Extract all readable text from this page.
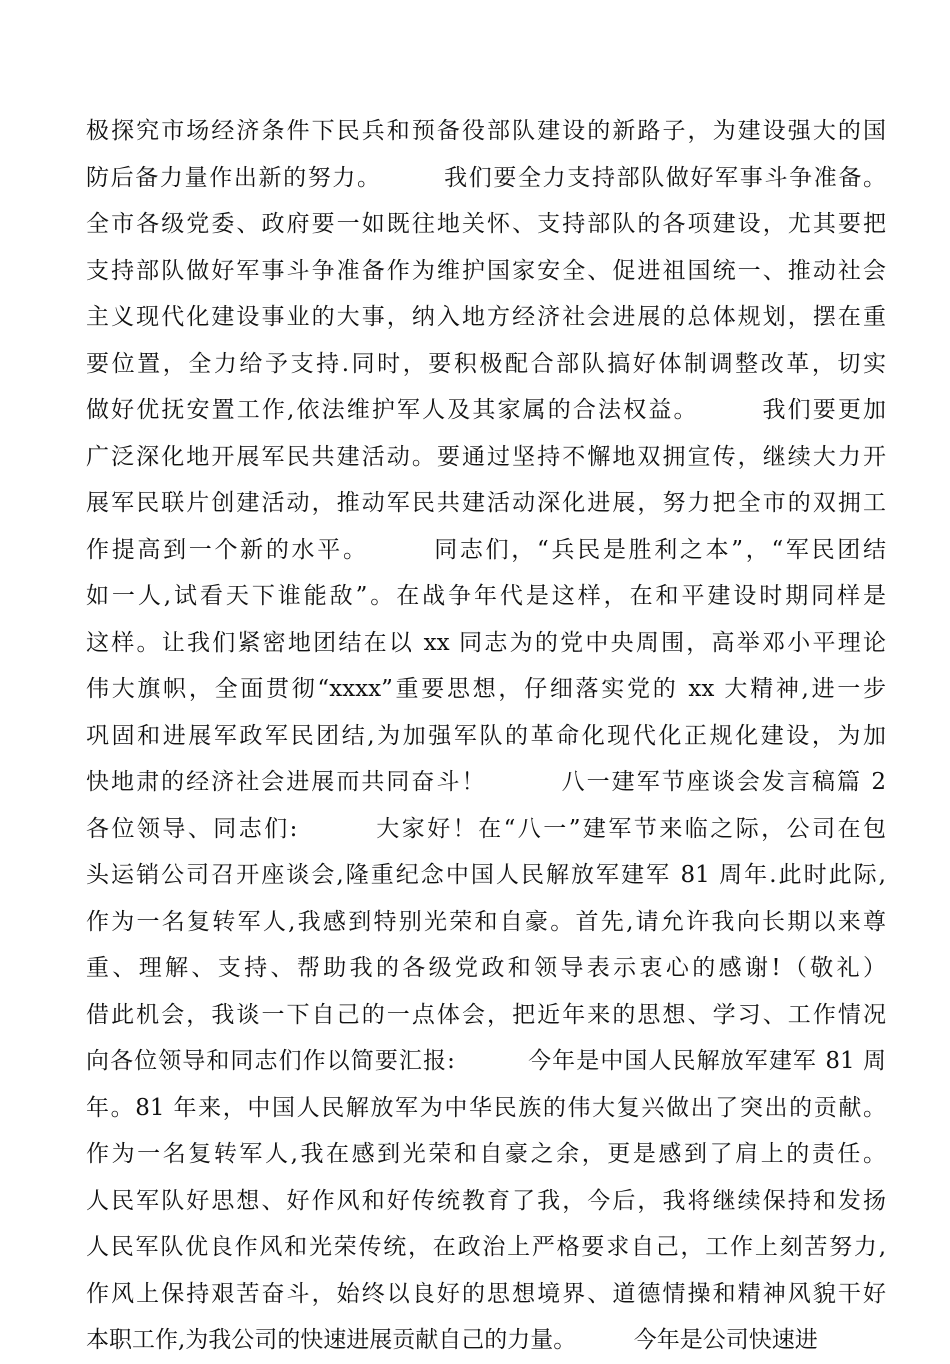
极探究市场经济条件下民兵和预备役部队建设的新路子，为建设强大的国
防后备力量作出新的努力。　　　我们要全力支持部队做好军事斗争准备。
全市各级党委、政府要一如既往地关怀、支持部队的各项建设，尤其要把
支持部队做好军事斗争准备作为维护国家安全、促进祖国统一、推动社会
主义现代化建设事业的大事，纳入地方经济社会进展的总体规划，摆在重
要位置，全力给予支持.同时，要积极配合部队搞好体制调整改革，切实
做好优抚安置工作,依法维护军人及其家属的合法权益。　　　我们要更加
广泛深化地开展军民共建活动。要通过坚持不懈地双拥宣传，继续大力开
展军民联片创建活动，推动军民共建活动深化进展，努力把全市的双拥工
作提高到一个新的水平。　　　同志们，“兵民是胜利之本”，“军民团结
如一人,试看天下谁能敌”。在战争年代是这样，在和平建设时期同样是
这样。让我们紧密地团结在以 xx 同志为的党中央周围，高举邓小平理论
伟大旗帜，全面贯彻“xxxx”重要思想，仔细落实党的 xx 大精神,进一步
巩固和进展军政军民团结,为加强军队的革命化现代化正规化建设，为加
快地肃的经济社会进展而共同奋斗！　　　八一建军节座谈会发言稿篇 2
各位领导、同志们:　　　大家好！在“八一”建军节来临之际，公司在包
头运销公司召开座谈会,隆重纪念中国人民解放军建军 81 周年.此时此际,
作为一名复转军人,我感到特别光荣和自豪。首先,请允许我向长期以来尊
重、理解、支持、帮助我的各级党政和领导表示衷心的感谢!（敬礼）
借此机会，我谈一下自己的一点体会，把近年来的思想、学习、工作情况
向各位领导和同志们作以简要汇报:　　　今年是中国人民解放军建军 81 周
年。81 年来，中国人民解放军为中华民族的伟大复兴做出了突出的贡献。
作为一名复转军人,我在感到光荣和自豪之余，更是感到了肩上的责任。
人民军队好思想、好作风和好传统教育了我，今后，我将继续保持和发扬
人民军队优良作风和光荣传统，在政治上严格要求自己，工作上刻苦努力,
作风上保持艰苦奋斗，始终以良好的思想境界、道德情操和精神风貌干好
本职工作,为我公司的快速进展贡献自己的力量。　　　今年是公司快速进
